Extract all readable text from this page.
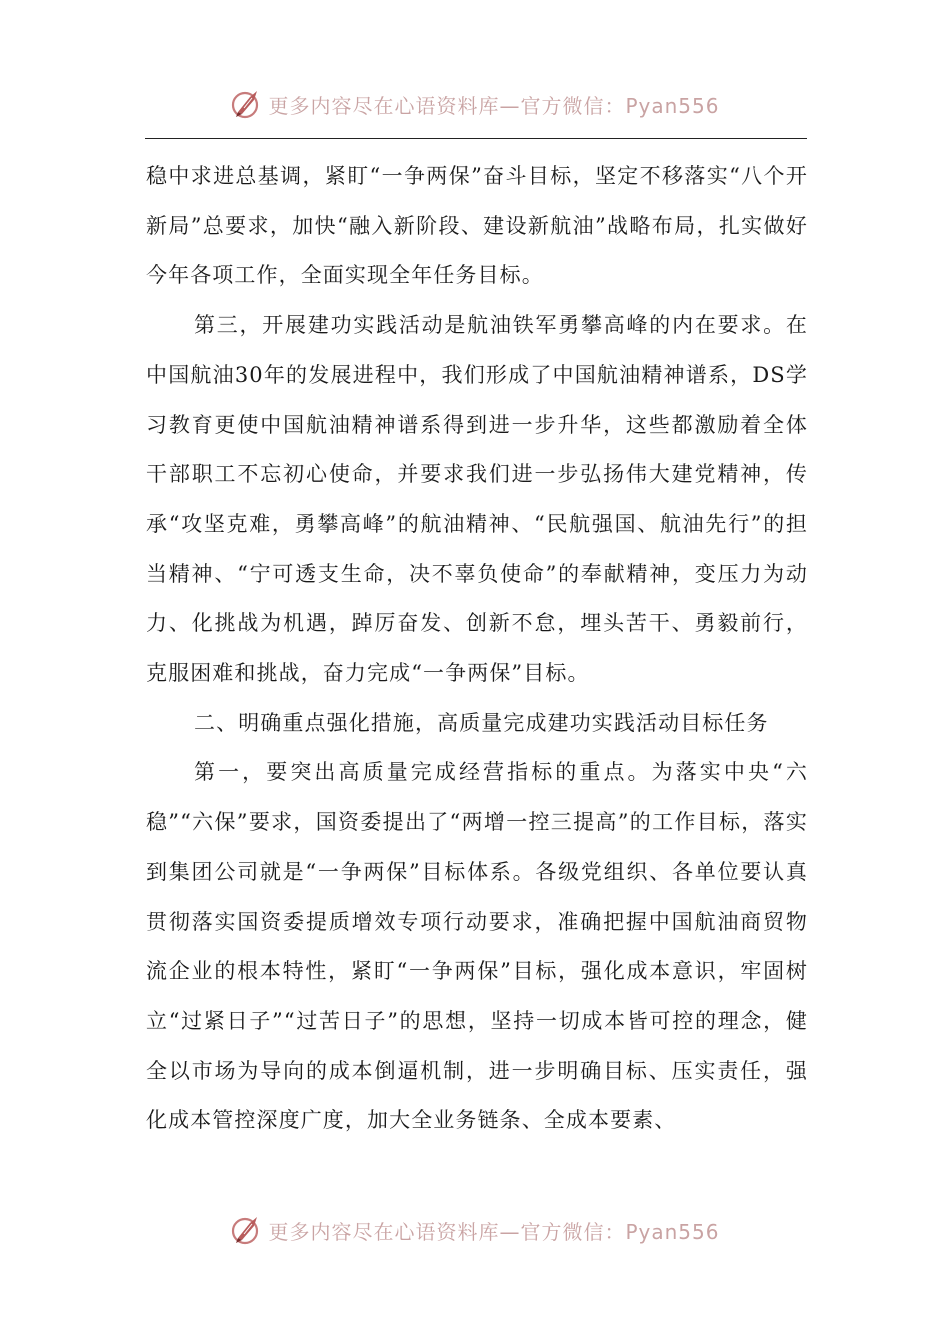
更多内容尽在心语资料库—官方微信：Pyan556

稳中求进总基调，紧盯“一争两保”奋斗目标，坚定不移落实“八个开新局”总要求，加快“融入新阶段、建设新航油”战略布局，扎实做好今年各项工作，全面实现全年任务目标。

第三，开展建功实践活动是航油铁军勇攀高峰的内在要求。在中国航油30年的发展进程中，我们形成了中国航油精神谱系，DS学习教育更使中国航油精神谱系得到进一步升华，这些都激励着全体干部职工不忘初心使命，并要求我们进一步弘扬伟大建党精神，传承“攻坚克难，勇攀高峰”的航油精神、“民航强国、航油先行”的担当精神、“宁可透支生命，决不辜负使命”的奉献精神，变压力为动力、化挑战为机遇，踔厉奋发、创新不怠，埋头苦干、勇毅前行，克服困难和挑战，奋力完成“一争两保”目标。

二、明确重点强化措施，高质量完成建功实践活动目标任务

第一，要突出高质量完成经营指标的重点。为落实中央“六稳”“六保”要求，国资委提出了“两增一控三提高”的工作目标，落实到集团公司就是“一争两保”目标体系。各级党组织、各单位要认真贯彻落实国资委提质增效专项行动要求，准确把握中国航油商贸物流企业的根本特性，紧盯“一争两保”目标，强化成本意识，牢固树立“过紧日子”“过苦日子”的思想，坚持一切成本皆可控的理念，健全以市场为导向的成本倒逼机制，进一步明确目标、压实责任，强化成本管控深度广度，加大全业务链条、全成本要素、

更多内容尽在心语资料库—官方微信：Pyan556
